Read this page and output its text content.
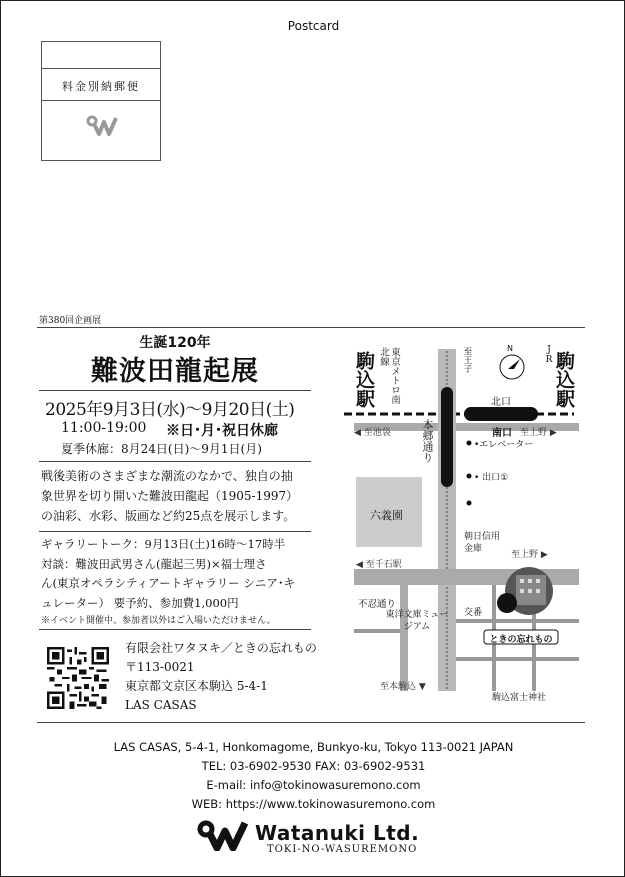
Postcard
料金別納郵便
第380回企画展
生誕120年
難波田龍起展
2025年9月3日(水)〜9月20日(土)
11:00-19:00 ※日･月･祝日休廊
夏季休廊：8月24日(日)〜9月1日(月)
戦後美術のさまざまな潮流のなかで、独自の抽
象世界を切り開いた難波田龍起（1905-1997）
の油彩、水彩、版画など約25点を展示します。
ギャラリートーク：9月13日(土)16時〜17時半
対談：難波田武男さん(龍起三男)×福士理さ
ん(東京オペラシティアートギャラリー シニア･キ
ュレーター） 要予約、参加費1,000円
※イベント開催中、参加者以外はご入場いただけません。
有限会社ワタヌキ／ときの忘れもの
〒113-0021
東京都文京区本駒込 5-4-1
LAS CASAS
駒込駅	東京メトロ南北線	JR 駒込駅
N
至王子
本郷通り
北口
南口
◀ 至池袋	至上野 ▶
•エレベーター
• 出口①
六義園
朝日信用金庫
◀ 至千石駅
至上野 ▶
不忍通り
東洋文庫ミュージアム
交番
ときの忘れもの
至本駒込 ▼
駒込富士神社
LAS CASAS, 5-4-1, Honkomagome, Bunkyo-ku, Tokyo 113-0021 JAPAN
TEL: 03-6902-9530 FAX: 03-6902-9531
E-mail: info@tokinowasuremono.com
WEB: https://www.tokinowasuremono.com
Watanuki Ltd.
TOKI-NO-WASUREMONO
